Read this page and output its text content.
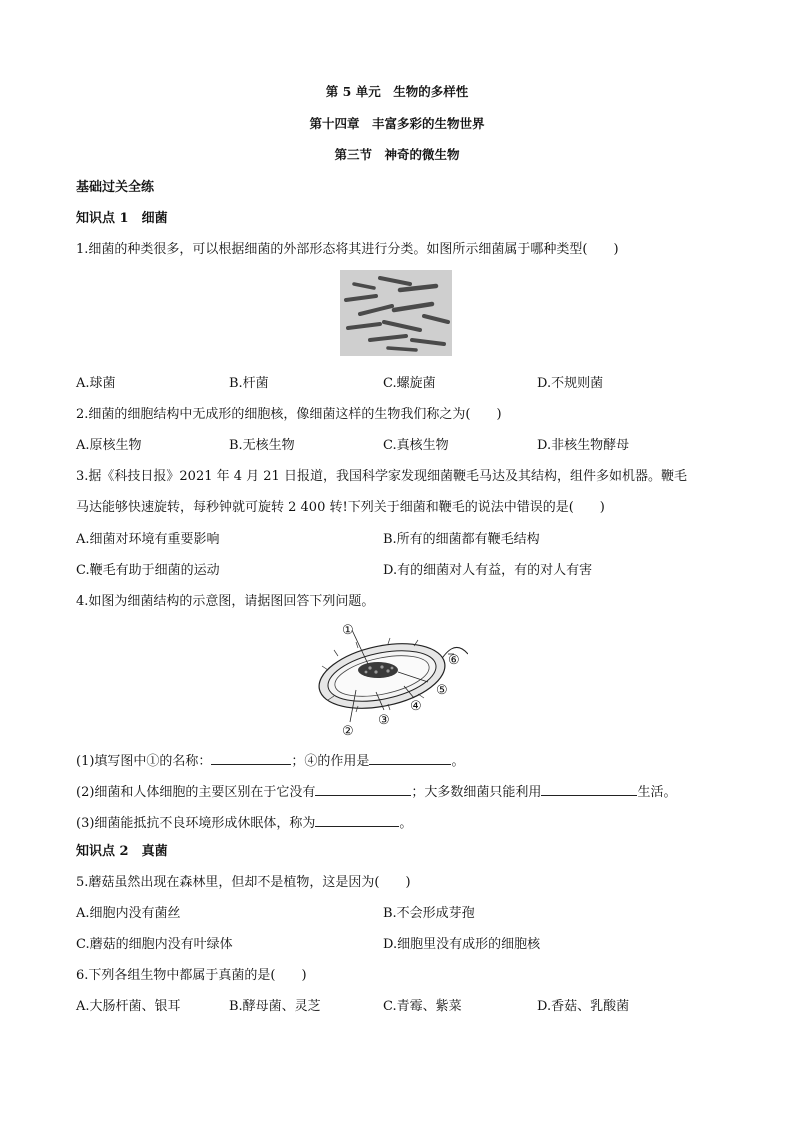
第 5 单元　生物的多样性
第十四章　丰富多彩的生物世界
第三节　神奇的微生物
基础过关全练
知识点 1　细菌
1.细菌的种类很多，可以根据细菌的外部形态将其进行分类。如图所示细菌属于哪种类型(　　)
A.球菌	B.杆菌	C.螺旋菌	D.不规则菌
2.细菌的细胞结构中无成形的细胞核，像细菌这样的生物我们称之为(　　)
A.原核生物	B.无核生物	C.真核生物	D.非核生物酵母
3.据《科技日报》2021 年 4 月 21 日报道，我国科学家发现细菌鞭毛马达及其结构，组件多如机器。鞭毛
马达能够快速旋转，每秒钟就可旋转 2 400 转!下列关于细菌和鞭毛的说法中错误的是(　　)
A.细菌对环境有重要影响	B.所有的细菌都有鞭毛结构
C.鞭毛有助于细菌的运动	D.有的细菌对人有益，有的对人有害
4.如图为细菌结构的示意图，请据图回答下列问题。
①
②
③
④
⑤
⑥
(1)填写图中①的名称：	；④的作用是	。
(2)细菌和人体细胞的主要区别在于它没有	；大多数细菌只能利用	生活。
(3)细菌能抵抗不良环境形成休眠体，称为	。
知识点 2　真菌
5.蘑菇虽然出现在森林里，但却不是植物，这是因为(　　)
A.细胞内没有菌丝	B.不会形成芽孢
C.蘑菇的细胞内没有叶绿体	D.细胞里没有成形的细胞核
6.下列各组生物中都属于真菌的是(　　)
A.大肠杆菌、银耳	B.酵母菌、灵芝	C.青霉、紫菜	D.香菇、乳酸菌
